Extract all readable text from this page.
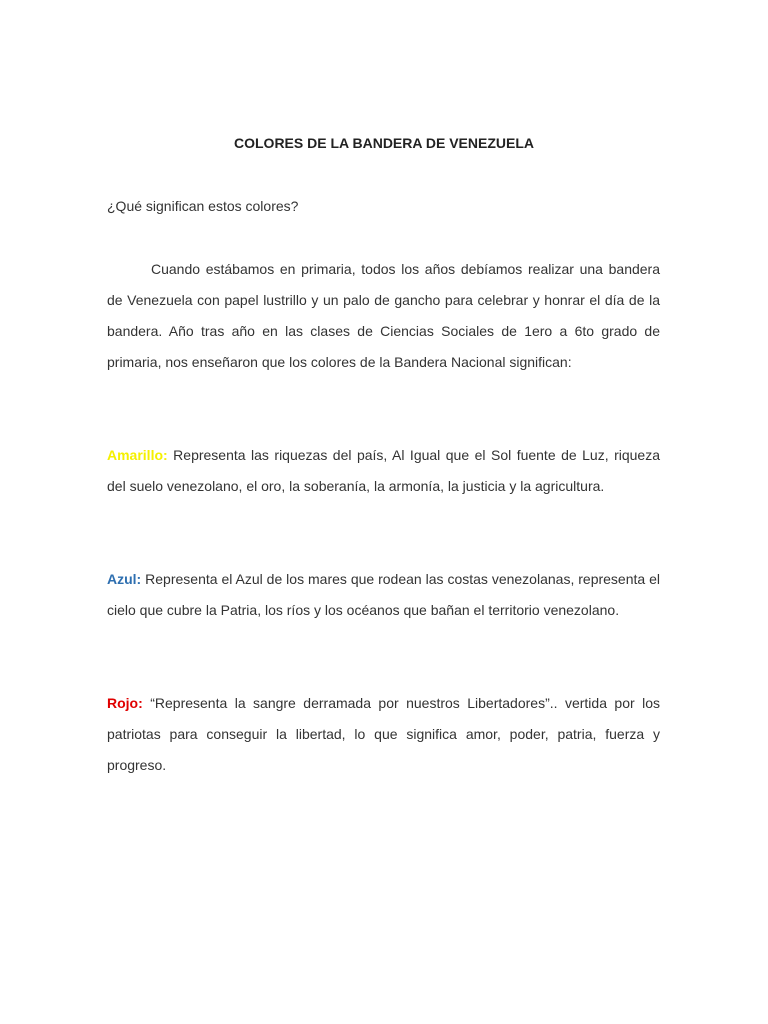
COLORES DE LA BANDERA DE VENEZUELA
¿Qué significan estos colores?

Cuando estábamos en primaria, todos los años debíamos realizar una bandera de Venezuela con papel lustrillo y un palo de gancho para celebrar y honrar el día de la bandera. Año tras año en las clases de Ciencias Sociales de 1ero a 6to grado de primaria, nos enseñaron que los colores de la Bandera Nacional significan:

Amarillo: Representa las riquezas del país, Al Igual que el Sol fuente de Luz, riqueza del suelo venezolano, el oro, la soberanía, la armonía, la justicia y la agricultura.

Azul: Representa el Azul de los mares que rodean las costas venezolanas, representa el cielo que cubre la Patria, los ríos y los océanos que bañan el territorio venezolano.

Rojo: “Representa la sangre derramada por nuestros Libertadores”.. vertida por los patriotas para conseguir la libertad, lo que significa amor, poder, patria, fuerza y progreso.
